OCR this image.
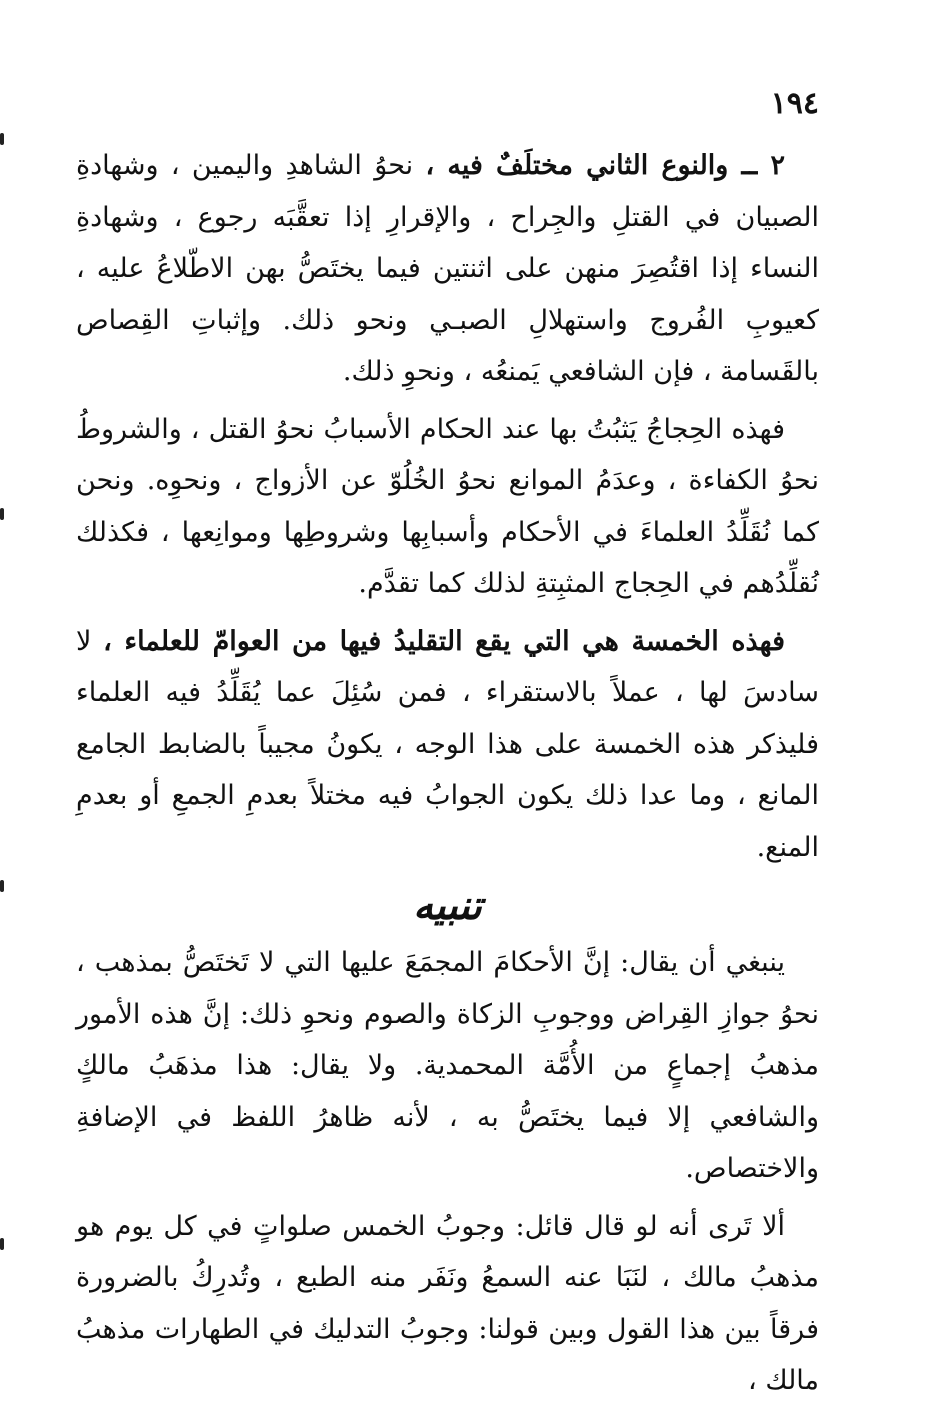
١٩٤

٢ ــ والنوع الثاني مختلَفٌ فيه ، نحوُ الشاهدِ واليمين ، وشهادةِ الصبيان في القتلِ والجِراح ، والإقرارِ إذا تعقَّبَه رجوع ، وشهادةِ النساء إذا اقتُصِرَ منهن على اثنتين فيما يختَصُّ بهن الاطّلاعُ عليه ، كعيوبِ الفُروج واستهلالِ الصبـي ونحو ذلك. وإثباتِ القِصاص بالقَسامة ، فإن الشافعي يَمنعُه ، ونحوِ ذلك.

فهذه الحِجاجُ يَثبُتُ بها عند الحكام الأسبابُ نحوُ القتل ، والشروطُ نحوُ الكفاءة ، وعدَمُ الموانع نحوُ الخُلُوّ عن الأزواج ، ونحوِه. ونحن كما نُقَلِّدُ العلماءَ في الأحكام وأسبابِها وشروطِها وموانِعها ، فكذلك نُقلِّدُهم في الحِجاج المثبِتةِ لذلك كما تقدَّم.

فهذه الخمسة هي التي يقع التقليدُ فيها من العوامّ للعلماء ، لا سادسَ لها ، عملاً بالاستقراء ، فمن سُئِلَ عما يُقَلِّدُ فيه العلماء فليذكر هذه الخمسة على هذا الوجه ، يكونُ مجيباً بالضابط الجامع المانع ، وما عدا ذلك يكون الجوابُ فيه مختلاً بعدمِ الجمعِ أو بعدمِ المنع.

تنبيه

ينبغي أن يقال: إنَّ الأحكامَ المجمَعَ عليها التي لا تَختَصُّ بمذهب ، نحوُ جوازِ القِراض ووجوبِ الزكاة والصوم ونحوِ ذلك: إنَّ هذه الأمور مذهبُ إجماعٍ من الأُمَّة المحمدية. ولا يقال: هذا مذهَبُ مالكٍ والشافعي إلا فيما يختَصُّ به ، لأنه ظاهرُ اللفظ في الإضافةِ والاختصاص.

ألا تَرى أنه لو قال قائل: وجوبُ الخمس صلواتٍ في كل يوم هو مذهبُ مالك ، لنَبَا عنه السمعُ ونَفَر منه الطبع ، وتُدرِكُ بالضرورة فرقاً بين هذا القول وبين قولنا: وجوبُ التدليك في الطهارات مذهبُ مالك ،
